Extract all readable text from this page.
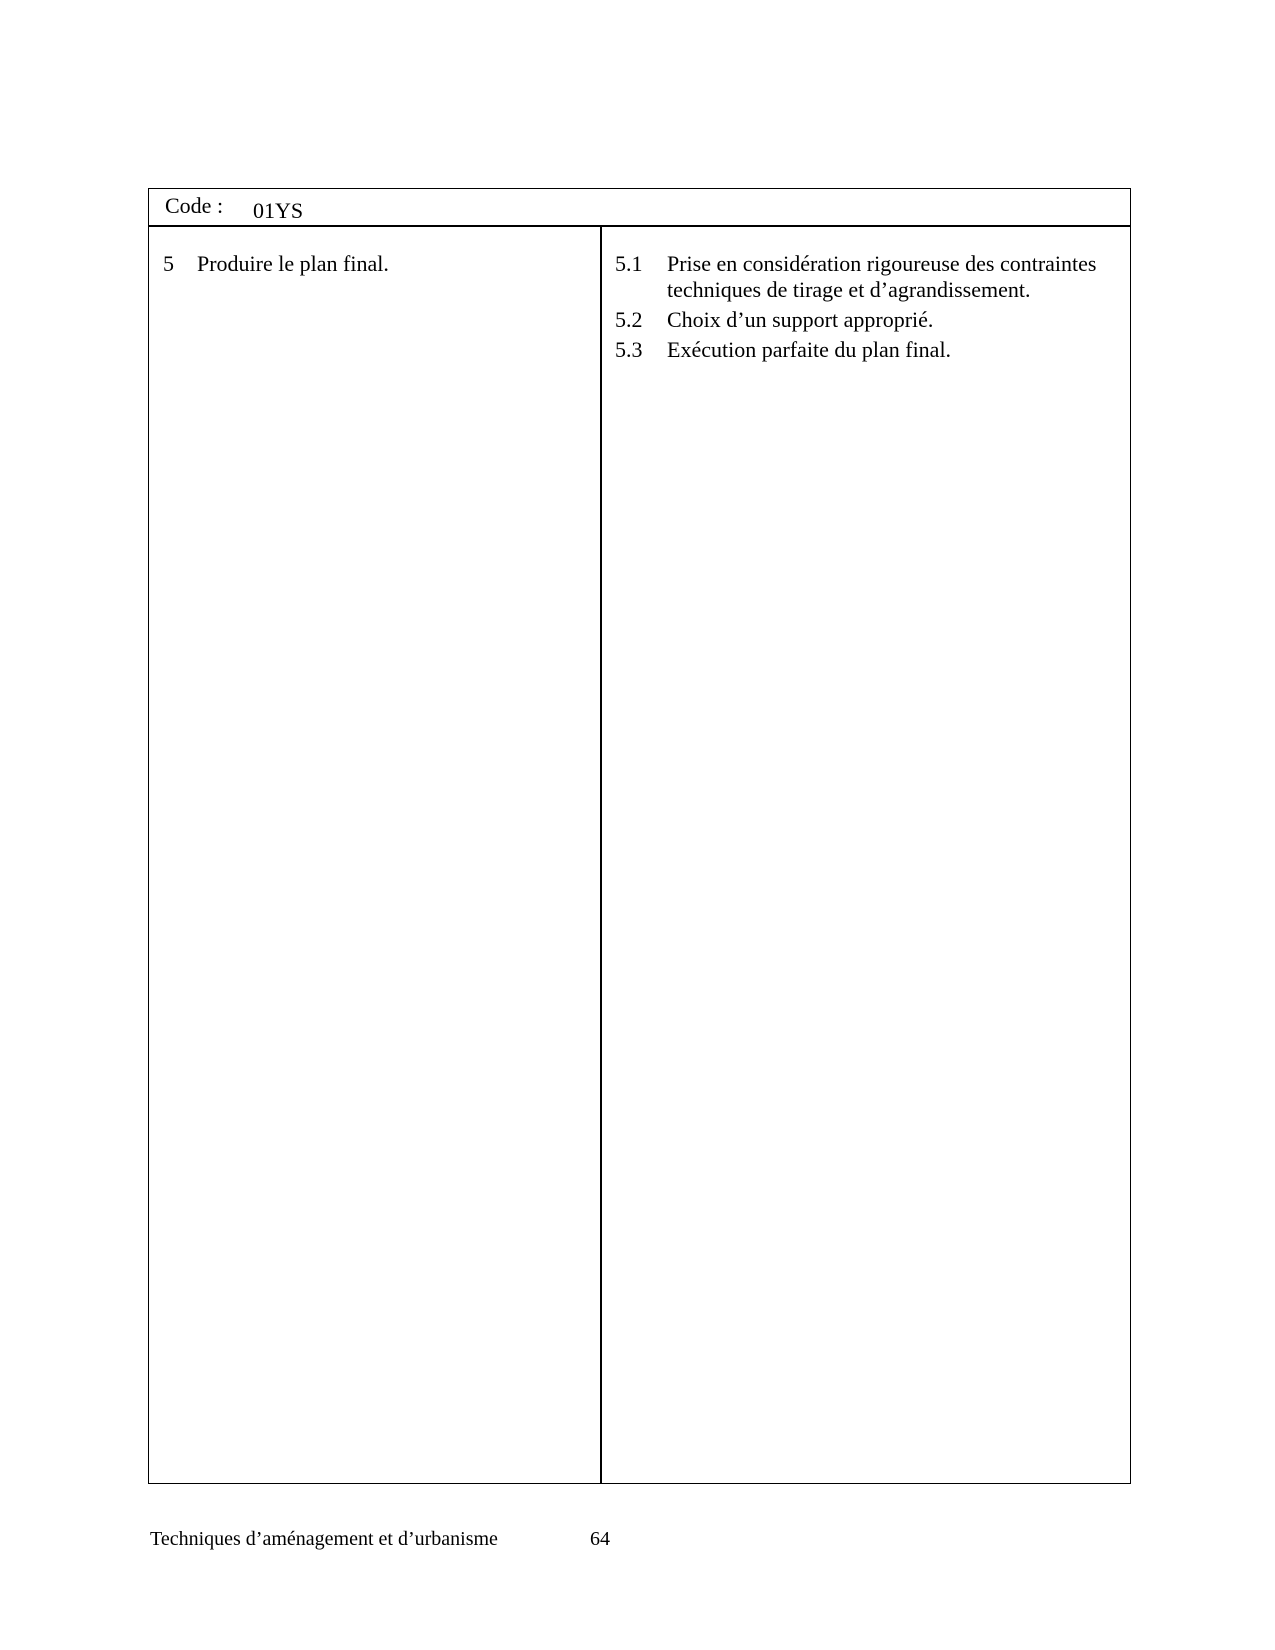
Code : 01YS
5 Produire le plan final.	5.1	Prise en considération rigoureuse des contraintes techniques de tirage et d’agrandissement.
5.2	Choix d’un support approprié.
5.3	Exécution parfaite du plan final.
Techniques d’aménagement et d’urbanisme	64
